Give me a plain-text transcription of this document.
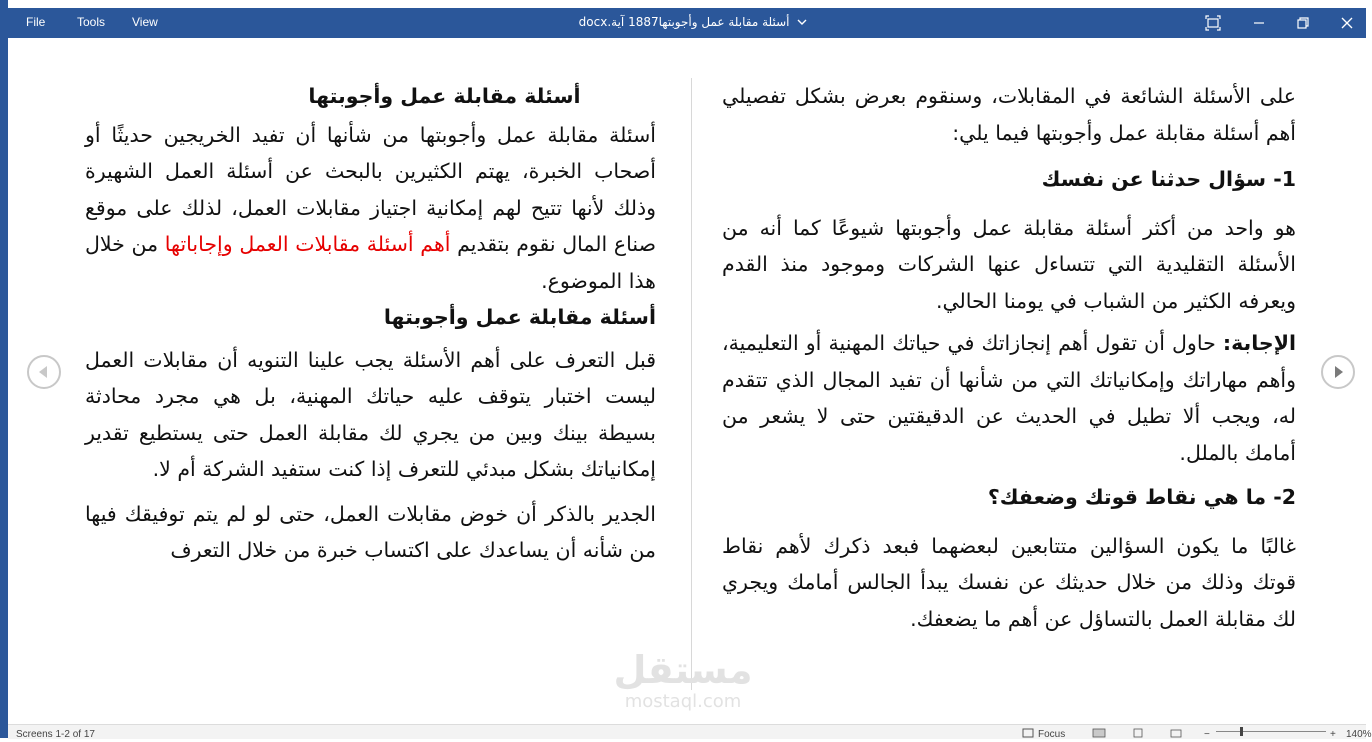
File	Tools View	أسئلة مقابلة عمل وأجوبتها1887 آية.docx

على الأسئلة الشائعة في المقابلات، وسنقوم بعرض بشكل تفصيلي أهم أسئلة مقابلة عمل وأجوبتها فيما يلي:

1- سؤال حدثنا عن نفسك

هو واحد من أكثر أسئلة مقابلة عمل وأجوبتها شيوعًا كما أنه من الأسئلة التقليدية التي تتساءل عنها الشركات وموجود منذ القدم ويعرفه الكثير من الشباب في يومنا الحالي.

الإجابة: حاول أن تقول أهم إنجازاتك في حياتك المهنية أو التعليمية، وأهم مهاراتك وإمكانياتك التي من شأنها أن تفيد المجال الذي تتقدم له، ويجب ألا تطيل في الحديث عن الدقيقتين حتى لا يشعر من أمامك بالملل.

2- ما هي نقاط قوتك وضعفك؟

غالبًا ما يكون السؤالين متتابعين لبعضهما فبعد ذكرك لأهم نقاط قوتك وذلك من خلال حديثك عن نفسك يبدأ الجالس أمامك ويجري لك مقابلة العمل بالتساؤل عن أهم ما يضعفك.

أسئلة مقابلة عمل وأجوبتها

أسئلة مقابلة عمل وأجوبتها من شأنها أن تفيد الخريجين حديثًا أو أصحاب الخبرة، يهتم الكثيرين بالبحث عن أسئلة العمل الشهيرة وذلك لأنها تتيح لهم إمكانية اجتياز مقابلات العمل، لذلك على موقع صناع المال نقوم بتقديم أهم أسئلة مقابلات العمل وإجاباتها من خلال هذا الموضوع.

أسئلة مقابلة عمل وأجوبتها

قبل التعرف على أهم الأسئلة يجب علينا التنويه أن مقابلات العمل ليست اختبار يتوقف عليه حياتك المهنية، بل هي مجرد محادثة بسيطة بينك وبين من يجري لك مقابلة العمل حتى يستطيع تقدير إمكانياتك بشكل مبدئي للتعرف إذا كنت ستفيد الشركة أم لا.

الجدير بالذكر أن خوض مقابلات العمل، حتى لو لم يتم توفيقك فيها من شأنه أن يساعدك على اكتساب خبرة من خلال التعرف

مستقل
mostaql.com
Screens 1-2 of 17	Focus	−	+ 140%
